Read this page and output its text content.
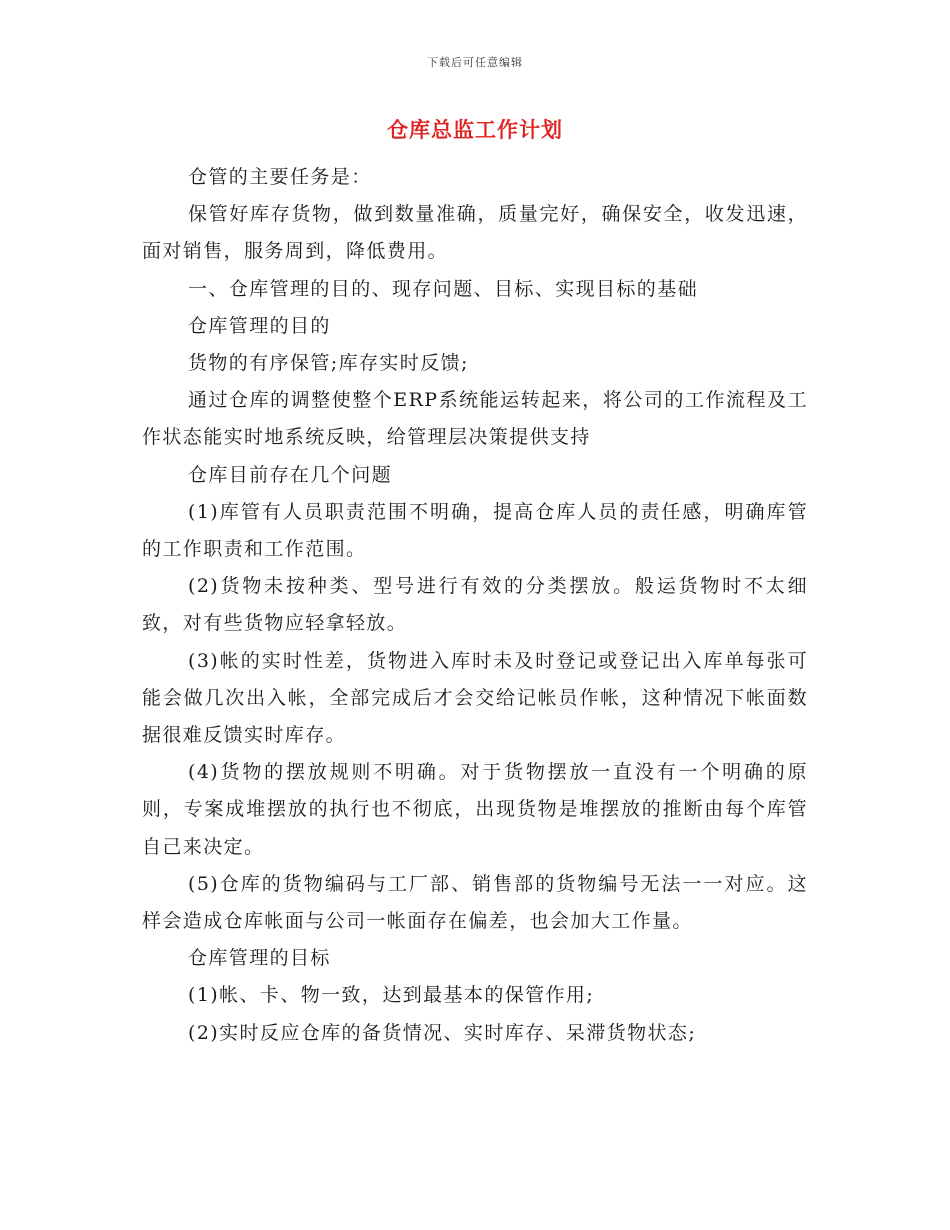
下载后可任意编辑
仓库总监工作计划

仓管的主要任务是：

保管好库存货物，做到数量准确，质量完好，确保安全，收发迅速，面对销售，服务周到，降低费用。

一、仓库管理的目的、现存问题、目标、实现目标的基础

仓库管理的目的

货物的有序保管;库存实时反馈;

通过仓库的调整使整个ERP系统能运转起来，将公司的工作流程及工作状态能实时地系统反映，给管理层决策提供支持

仓库目前存在几个问题

(1)库管有人员职责范围不明确，提高仓库人员的责任感，明确库管的工作职责和工作范围。

(2)货物未按种类、型号进行有效的分类摆放。般运货物时不太细致，对有些货物应轻拿轻放。

(3)帐的实时性差，货物进入库时未及时登记或登记出入库单每张可能会做几次出入帐，全部完成后才会交给记帐员作帐，这种情况下帐面数据很难反馈实时库存。

(4)货物的摆放规则不明确。对于货物摆放一直没有一个明确的原则，专案成堆摆放的执行也不彻底，出现货物是堆摆放的推断由每个库管自己来决定。

(5)仓库的货物编码与工厂部、销售部的货物编号无法一一对应。这样会造成仓库帐面与公司一帐面存在偏差，也会加大工作量。

仓库管理的目标

(1)帐、卡、物一致，达到最基本的保管作用;

(2)实时反应仓库的备货情况、实时库存、呆滞货物状态;
